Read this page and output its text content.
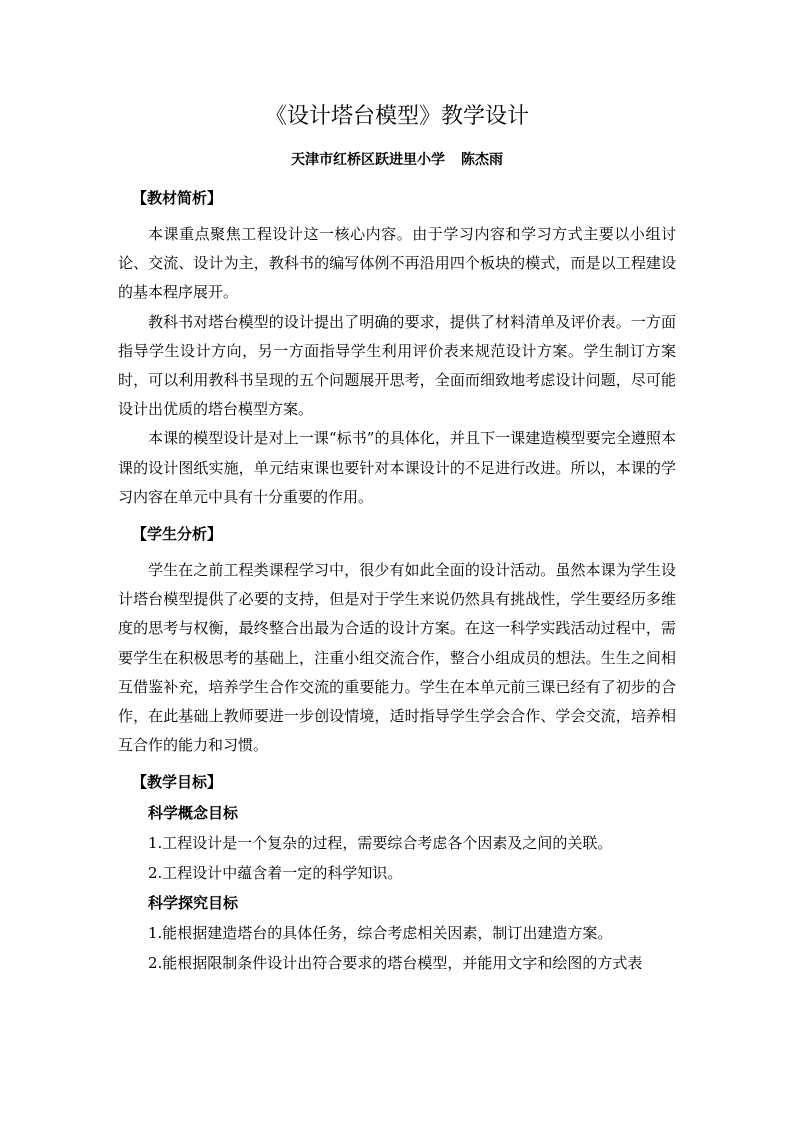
《设计塔台模型》教学设计
天津市红桥区跃进里小学 陈杰雨
【教材简析】

本课重点聚焦工程设计这一核心内容。由于学习内容和学习方式主要以小组讨论、交流、设计为主，教科书的编写体例不再沿用四个板块的模式，而是以工程建设的基本程序展开。

教科书对塔台模型的设计提出了明确的要求，提供了材料清单及评价表。一方面指导学生设计方向，另一方面指导学生利用评价表来规范设计方案。学生制订方案时，可以利用教科书呈现的五个问题展开思考，全面而细致地考虑设计问题，尽可能设计出优质的塔台模型方案。

本课的模型设计是对上一课“标书”的具体化，并且下一课建造模型要完全遵照本课的设计图纸实施，单元结束课也要针对本课设计的不足进行改进。所以，本课的学习内容在单元中具有十分重要的作用。

【学生分析】

学生在之前工程类课程学习中，很少有如此全面的设计活动。虽然本课为学生设计塔台模型提供了必要的支持，但是对于学生来说仍然具有挑战性，学生要经历多维度的思考与权衡，最终整合出最为合适的设计方案。在这一科学实践活动过程中，需要学生在积极思考的基础上，注重小组交流合作，整合小组成员的想法。生生之间相互借鉴补充，培养学生合作交流的重要能力。学生在本单元前三课已经有了初步的合作，在此基础上教师要进一步创设情境，适时指导学生学会合作、学会交流，培养相互合作的能力和习惯。

【教学目标】
科学概念目标
1.工程设计是一个复杂的过程，需要综合考虑各个因素及之间的关联。
2.工程设计中蕴含着一定的科学知识。
科学探究目标
1.能根据建造塔台的具体任务，综合考虑相关因素，制订出建造方案。
2.能根据限制条件设计出符合要求的塔台模型，并能用文字和绘图的方式表
